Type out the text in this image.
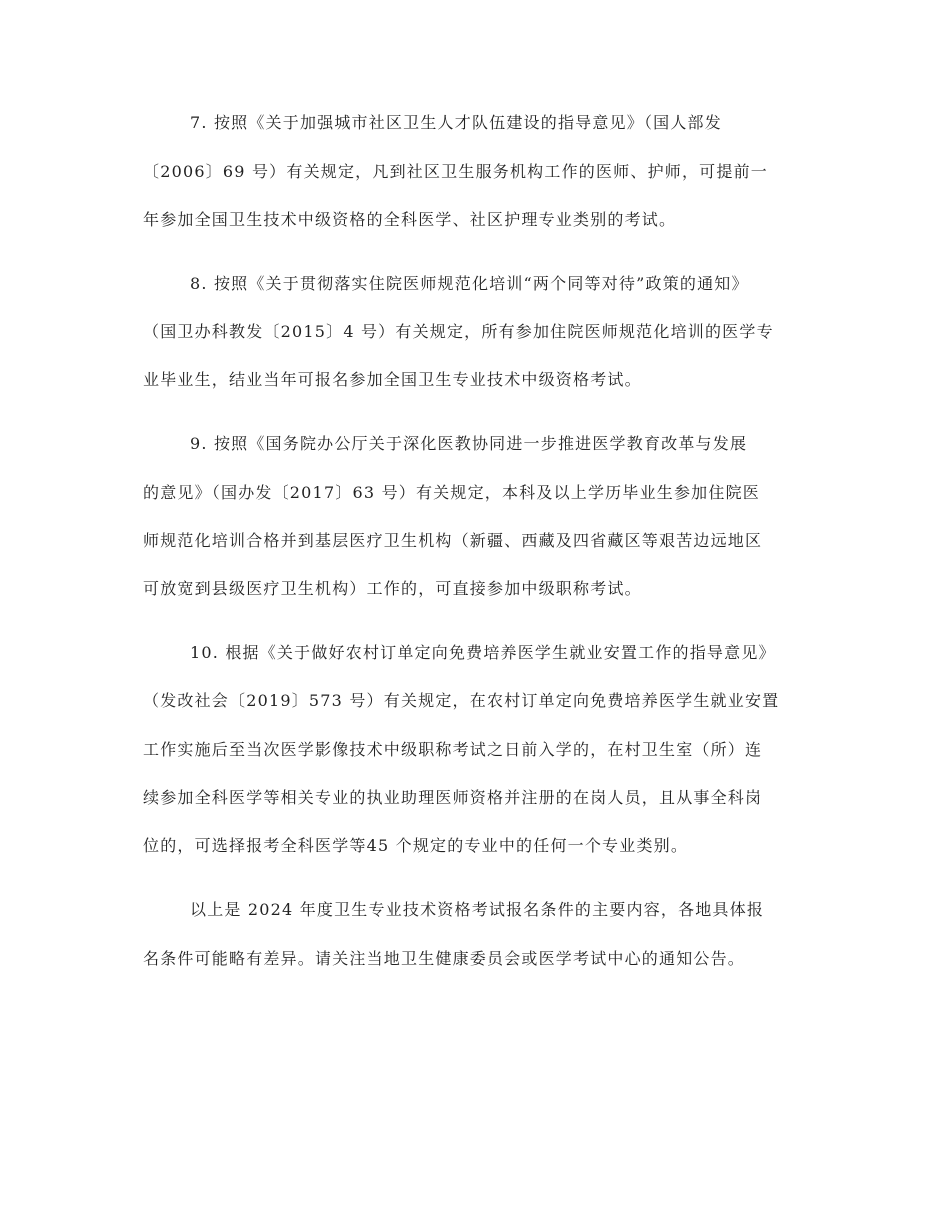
7. 按照《关于加强城市社区卫生人才队伍建设的指导意见》（国人部发
〔2006〕69 号）有关规定，凡到社区卫生服务机构工作的医师、护师，可提前一
年参加全国卫生技术中级资格的全科医学、社区护理专业类别的考试。
8. 按照《关于贯彻落实住院医师规范化培训“两个同等对待”政策的通知》
（国卫办科教发〔2015〕4 号）有关规定，所有参加住院医师规范化培训的医学专
业毕业生，结业当年可报名参加全国卫生专业技术中级资格考试。
9. 按照《国务院办公厅关于深化医教协同进一步推进医学教育改革与发展
的意见》（国办发〔2017〕63 号）有关规定，本科及以上学历毕业生参加住院医
师规范化培训合格并到基层医疗卫生机构（新疆、西藏及四省藏区等艰苦边远地区
可放宽到县级医疗卫生机构）工作的，可直接参加中级职称考试。
10. 根据《关于做好农村订单定向免费培养医学生就业安置工作的指导意见》
（发改社会〔2019〕573 号）有关规定，在农村订单定向免费培养医学生就业安置
工作实施后至当次医学影像技术中级职称考试之日前入学的，在村卫生室（所）连
续参加全科医学等相关专业的执业助理医师资格并注册的在岗人员，且从事全科岗
位的，可选择报考全科医学等45 个规定的专业中的任何一个专业类别。
以上是 2024 年度卫生专业技术资格考试报名条件的主要内容，各地具体报
名条件可能略有差异。请关注当地卫生健康委员会或医学考试中心的通知公告。
